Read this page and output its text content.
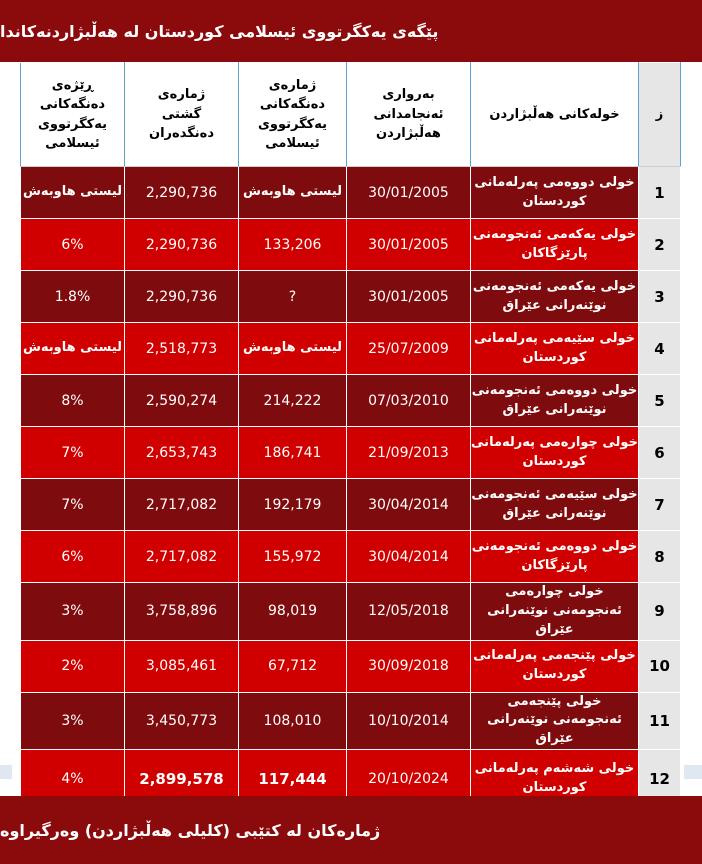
پێگەی یەکگرتووی ئیسلامی کوردستان لە هەڵبژاردنەکاندا
ڕێژەی دەنگەکانی یەکگرتووی ئیسلامی	ژمارەی گشتی دەنگدەران	ژمارەی دەنگەکانی یەکگرتووی ئیسلامی	بەرواری ئەنجامدانی هەڵبژاردن	خولەکانی هەڵبژاردن	ز
لیستی هاوبەش	2,290,736	لیستی هاوبەش	30/01/2005	خولی دووەمی پەرلەمانی کوردستان	1
6%	2,290,736	133,206	30/01/2005	خولی یەکەمی ئەنجومەنی پارێزگاکان	2
1.8%	2,290,736	?	30/01/2005	خولی یەکەمی ئەنجومەنی نوێنەرانی عێراق	3
لیستی هاوبەش	2,518,773	لیستی هاوبەش	25/07/2009	خولی سێیەمی پەرلەمانی کوردستان	4
8%	2,590,274	214,222	07/03/2010	خولی دووەمی ئەنجومەنی نوێنەرانی عێراق	5
7%	2,653,743	186,741	21/09/2013	خولی چوارەمی پەرلەمانی کوردستان	6
7%	2,717,082	192,179	30/04/2014	خولی سێیەمی ئەنجومەنی نوێنەرانی عێراق	7
6%	2,717,082	155,972	30/04/2014	خولی دووەمی ئەنجومەنی پارێزگاکان	8
3%	3,758,896	98,019	12/05/2018	خولی چوارەمی ئەنجومەنی نوێنەرانی عێراق	9
2%	3,085,461	67,712	30/09/2018	خولی پێنجەمی پەرلەمانی کوردستان	10
3%	3,450,773	108,010	10/10/2014	خولی پێنجەمی ئەنجومەنی نوێنەرانی عێراق	11
4%	2,899,578	117,444	20/10/2024	خولی شەشەم پەرلەمانی کوردستان	12
ژمارەکان لە کتێبی (کلیلی هەڵبژاردن) وەرگیراوە
